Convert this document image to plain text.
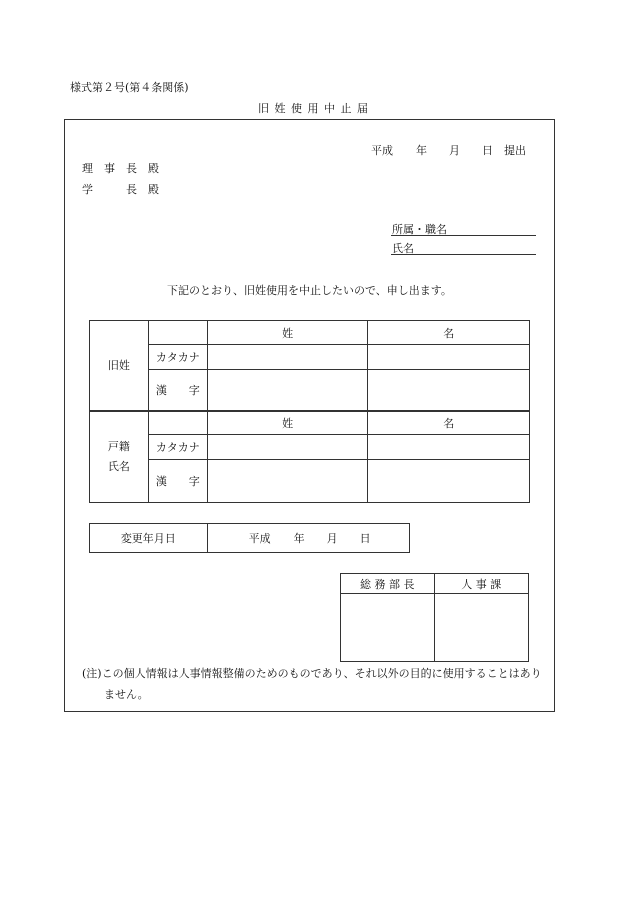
様式第２号(第４条関係)
旧 姓 使 用 中 止 届
平成 年 月 日 提出
理 事 長 殿
学	長 殿
所属・職名
氏名
下記のとおり、旧姓使用を中止したいので、申し出ます。
旧姓		姓	名
	カタカナ		
	漢　　字		

戸籍
氏名		姓	名
	カタカナ		
	漢　　字		
変更年月日	平成 年 月 日
総 務 部 長	人 事 課

(注)この個人情報は人事情報整備のためのものであり、それ以外の目的に使用することはあり
ません。
